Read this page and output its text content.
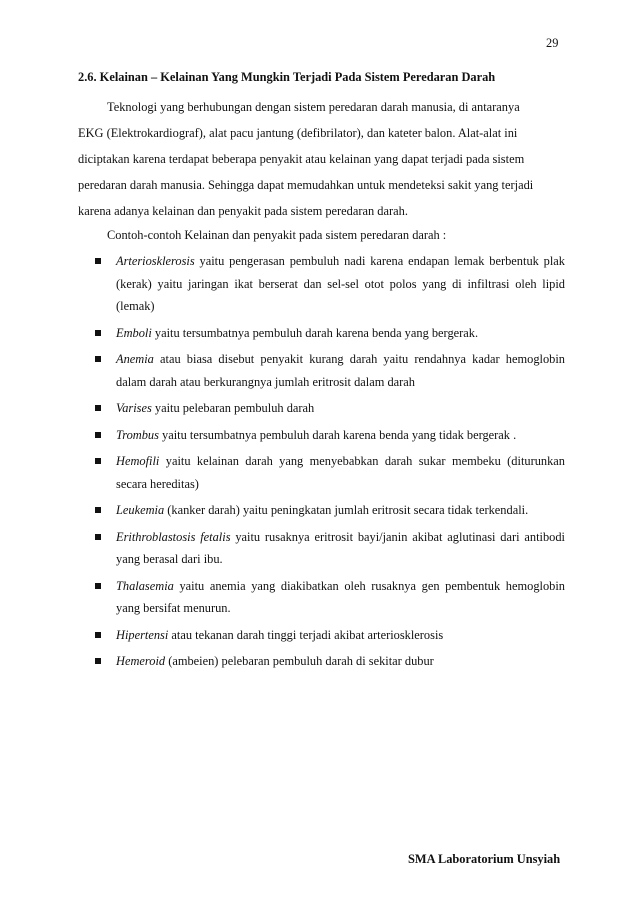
29
2.6. Kelainan – Kelainan Yang Mungkin Terjadi Pada Sistem Peredaran Darah
Teknologi yang berhubungan dengan sistem peredaran darah manusia, di antaranya
EKG (Elektrokardiograf), alat pacu jantung (defibrilator), dan kateter balon. Alat-alat ini
diciptakan karena terdapat beberapa penyakit atau kelainan yang dapat terjadi pada sistem
peredaran darah manusia. Sehingga dapat memudahkan untuk mendeteksi sakit yang terjadi
karena adanya kelainan dan penyakit pada sistem peredaran darah.
Contoh-contoh Kelainan dan penyakit pada sistem peredaran darah :
Arteriosklerosis yaitu pengerasan pembuluh nadi karena endapan lemak berbentuk plak (kerak) yaitu jaringan ikat berserat dan sel-sel otot polos yang di infiltrasi oleh lipid (lemak)
Emboli yaitu tersumbatnya pembuluh darah karena benda yang bergerak.
Anemia atau biasa disebut penyakit kurang darah yaitu rendahnya kadar hemoglobin dalam darah atau berkurangnya jumlah eritrosit dalam darah
Varises yaitu pelebaran pembuluh darah
Trombus yaitu tersumbatnya pembuluh darah karena benda yang tidak bergerak .
Hemofili yaitu kelainan darah yang menyebabkan darah sukar membeku (diturunkan secara hereditas)
Leukemia (kanker darah) yaitu peningkatan jumlah eritrosit secara tidak terkendali.
Erithroblastosis fetalis yaitu rusaknya eritrosit bayi/janin akibat aglutinasi dari antibodi yang berasal dari ibu.
Thalasemia yaitu anemia yang diakibatkan oleh rusaknya gen pembentuk hemoglobin yang bersifat menurun.
Hipertensi atau tekanan darah tinggi terjadi akibat arteriosklerosis
Hemeroid (ambeien) pelebaran pembuluh darah di sekitar dubur
SMA Laboratorium Unsyiah
